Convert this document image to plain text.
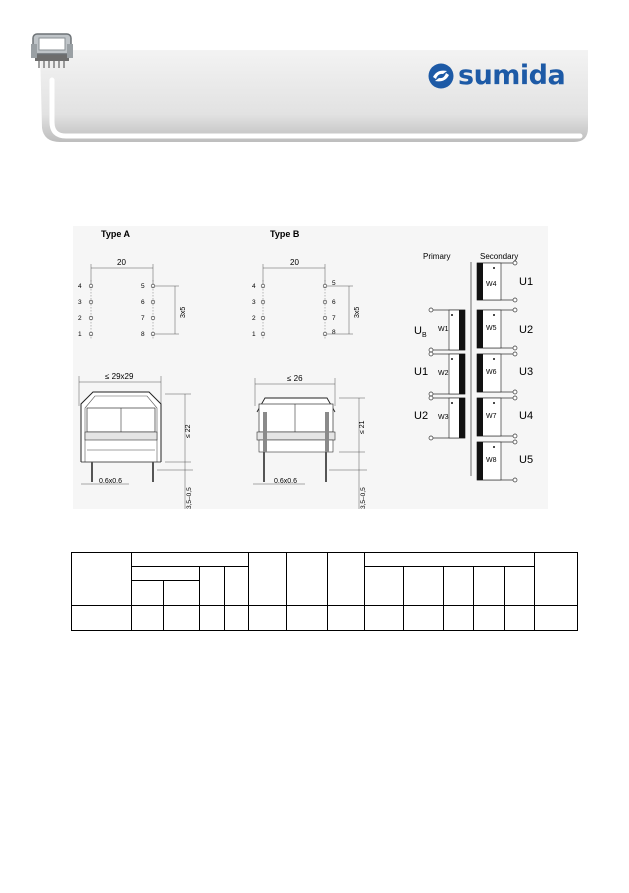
sumida
Type A
20
4
3
2
1
5
6
7
8
3x5
≤ 29x29
≤ 22
0.6x0.6
3,5–0,5
Type B
20
4
3
2
1
5
6
7
8
3x5
≤ 26
≤ 21
0.6x0.6
3,5–0,5
Primary	Secondary
W1
$U_B$
W2
U1
W3
U2
W4
W5
W6
W7
W8
U1
U2
U3
U4
U5
